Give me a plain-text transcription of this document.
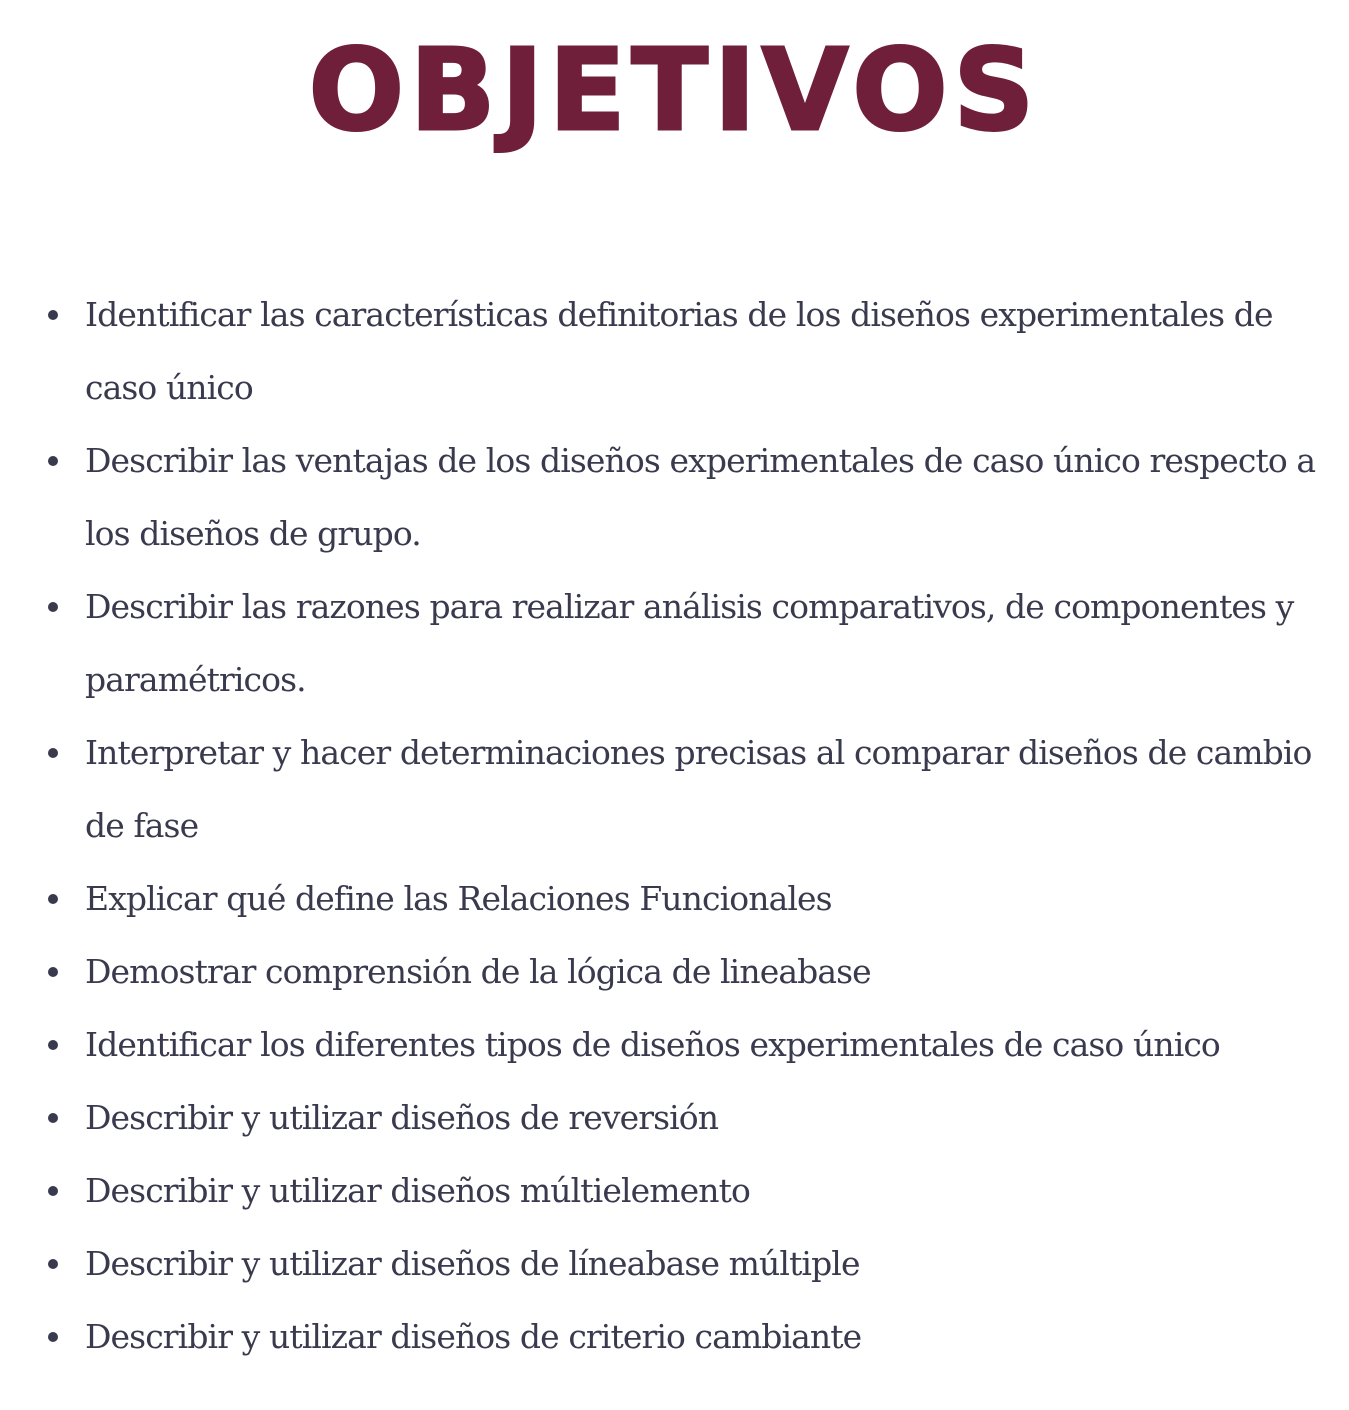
OBJETIVOS
Identificar las características definitorias de los diseños experimentales de caso único
Describir las ventajas de los diseños experimentales de caso único respecto a los diseños de grupo.
Describir las razones para realizar análisis comparativos, de componentes y paramétricos.
Interpretar y hacer determinaciones precisas al comparar diseños de cambio de fase
Explicar qué define las Relaciones Funcionales
Demostrar comprensión de la lógica de lineabase
Identificar los diferentes tipos de diseños experimentales de caso único
Describir y utilizar diseños de reversión
Describir y utilizar diseños múltielemento
Describir y utilizar diseños de líneabase múltiple
Describir y utilizar diseños de criterio cambiante
